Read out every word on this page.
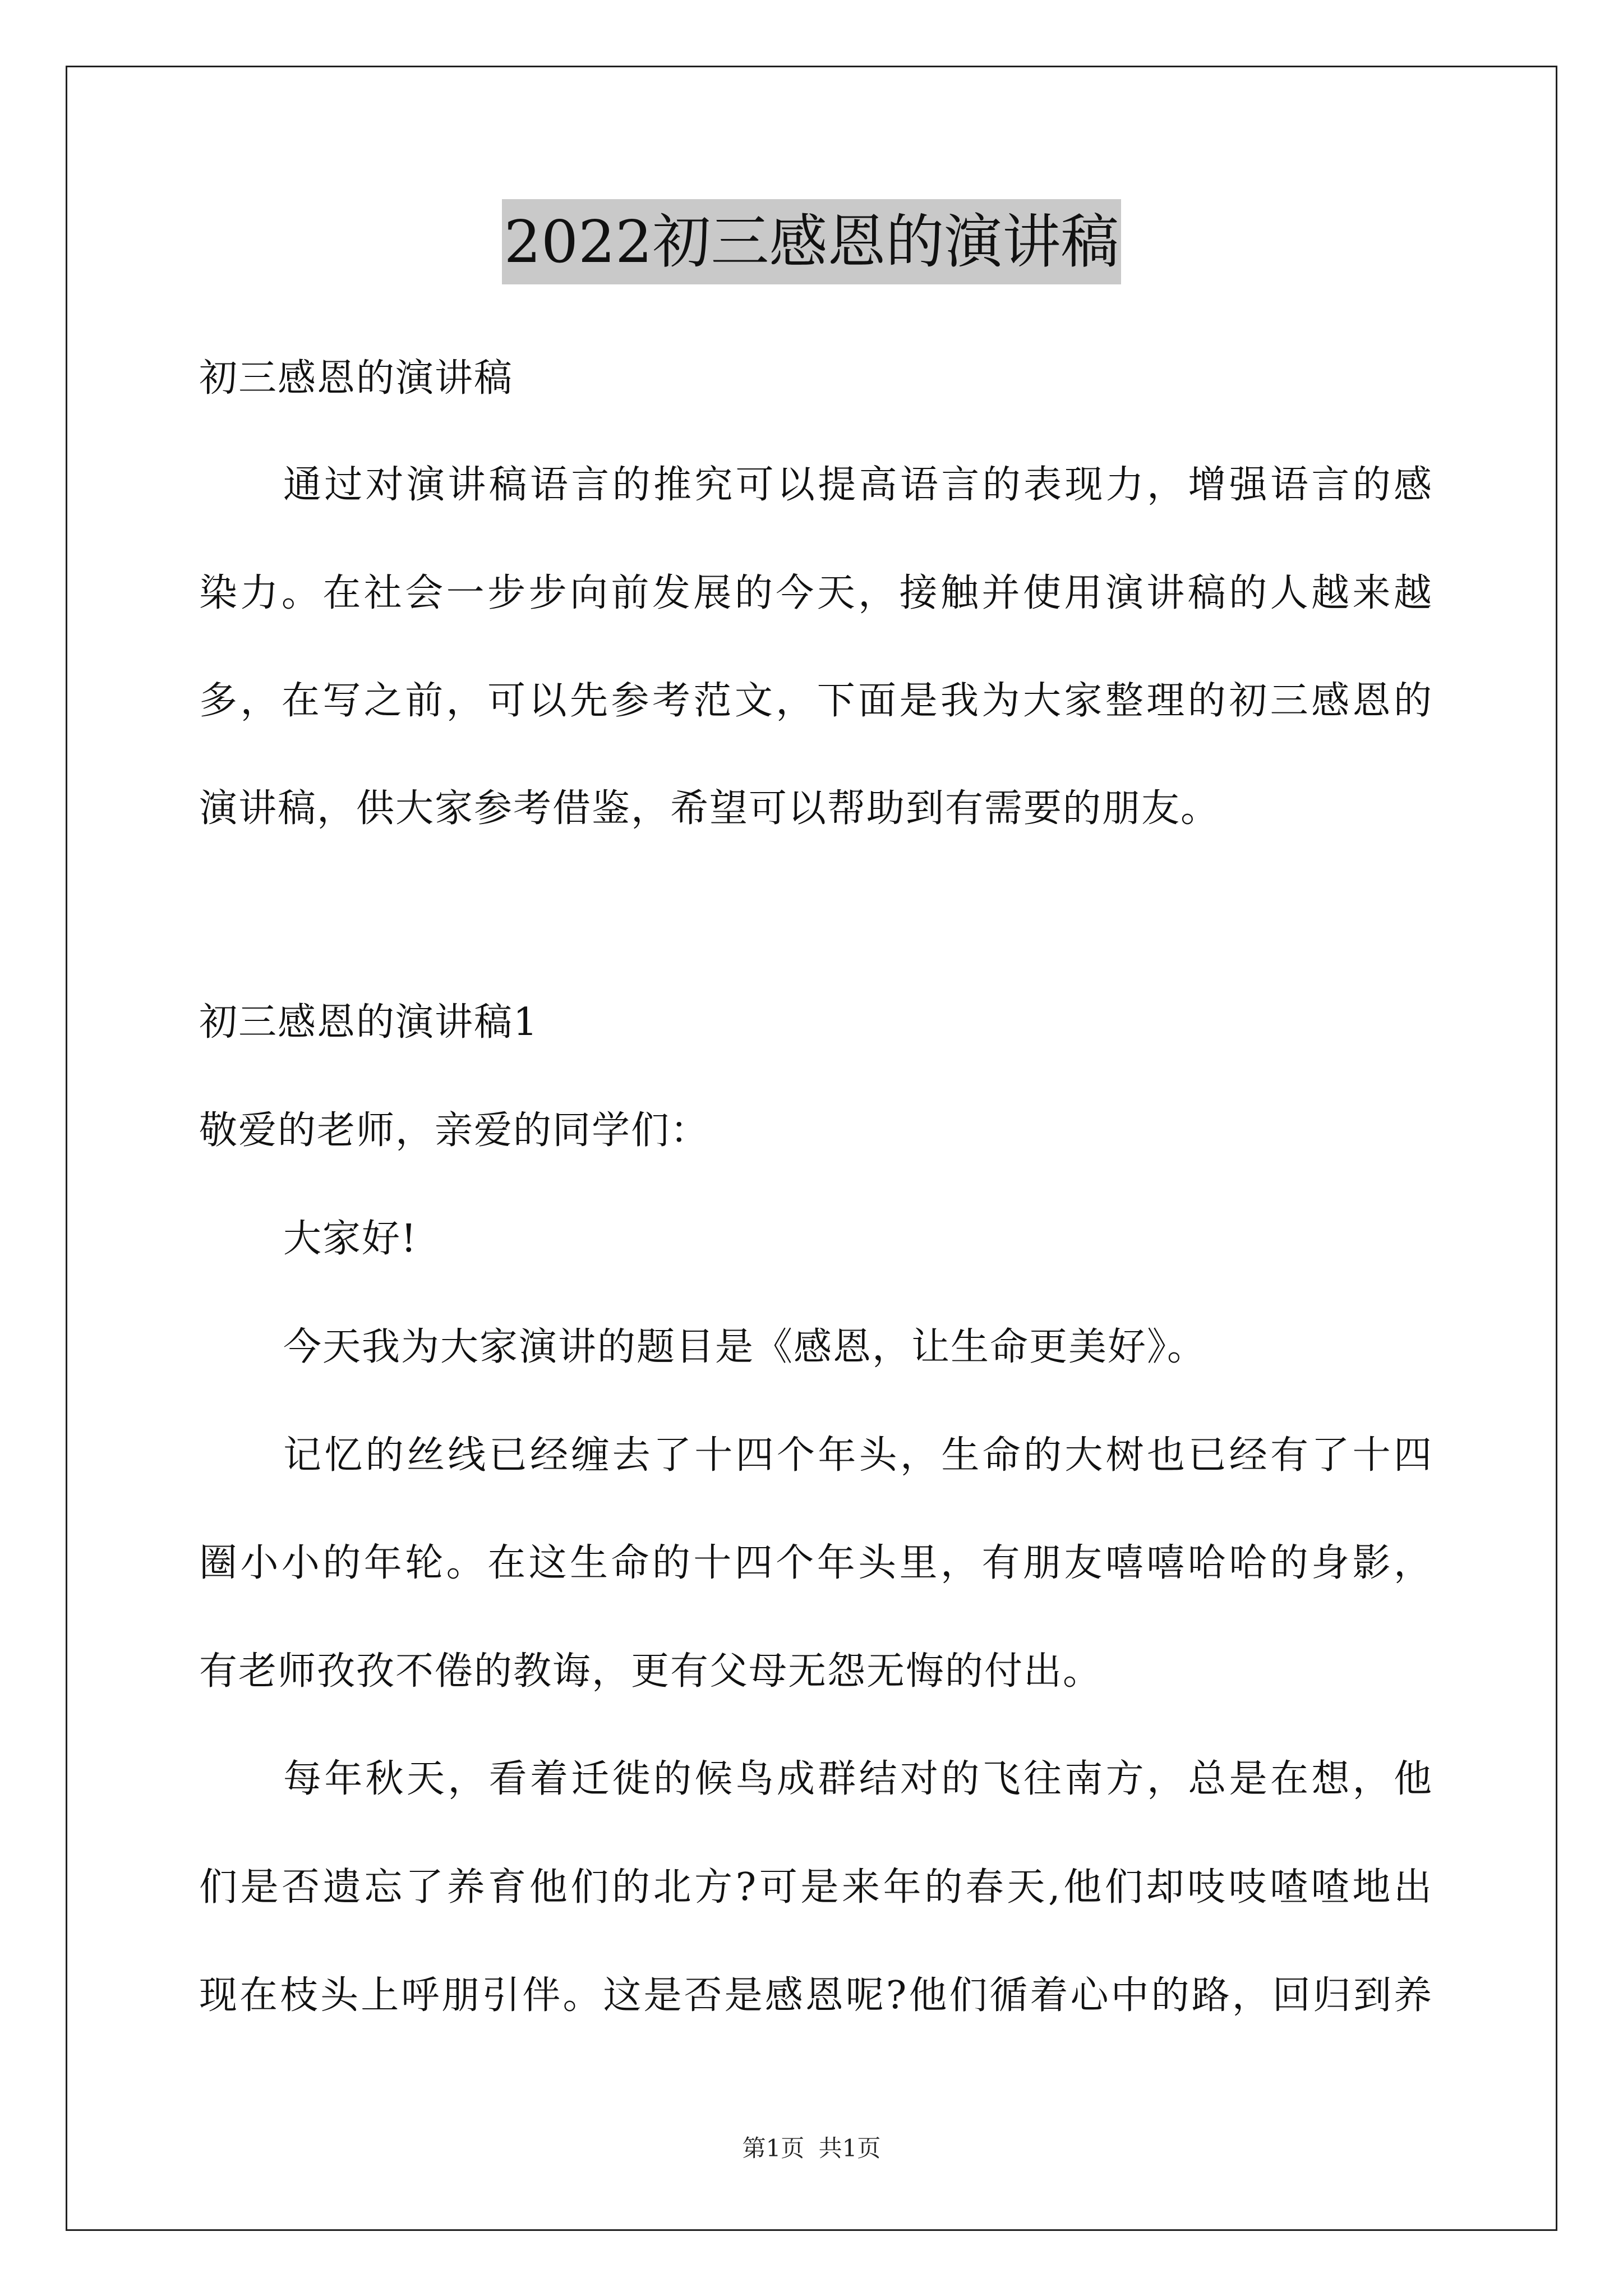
2022初三感恩的演讲稿
初三感恩的演讲稿
通过对演讲稿语言的推究可以提高语言的表现力，增强语言的感
染力。在社会一步步向前发展的今天，接触并使用演讲稿的人越来越
多，在写之前，可以先参考范文，下面是我为大家整理的初三感恩的
演讲稿，供大家参考借鉴，希望可以帮助到有需要的朋友。
初三感恩的演讲稿1
敬爱的老师，亲爱的同学们：
大家好!
今天我为大家演讲的题目是《感恩，让生命更美好》。
记忆的丝线已经缠去了十四个年头，生命的大树也已经有了十四
圈小小的年轮。在这生命的十四个年头里，有朋友嘻嘻哈哈的身影，
有老师孜孜不倦的教诲，更有父母无怨无悔的付出。
每年秋天，看着迁徙的候鸟成群结对的飞往南方，总是在想，他
们是否遗忘了养育他们的北方?可是来年的春天,他们却吱吱喳喳地出
现在枝头上呼朋引伴。这是否是感恩呢?他们循着心中的路，回归到养
第1页 共1页
